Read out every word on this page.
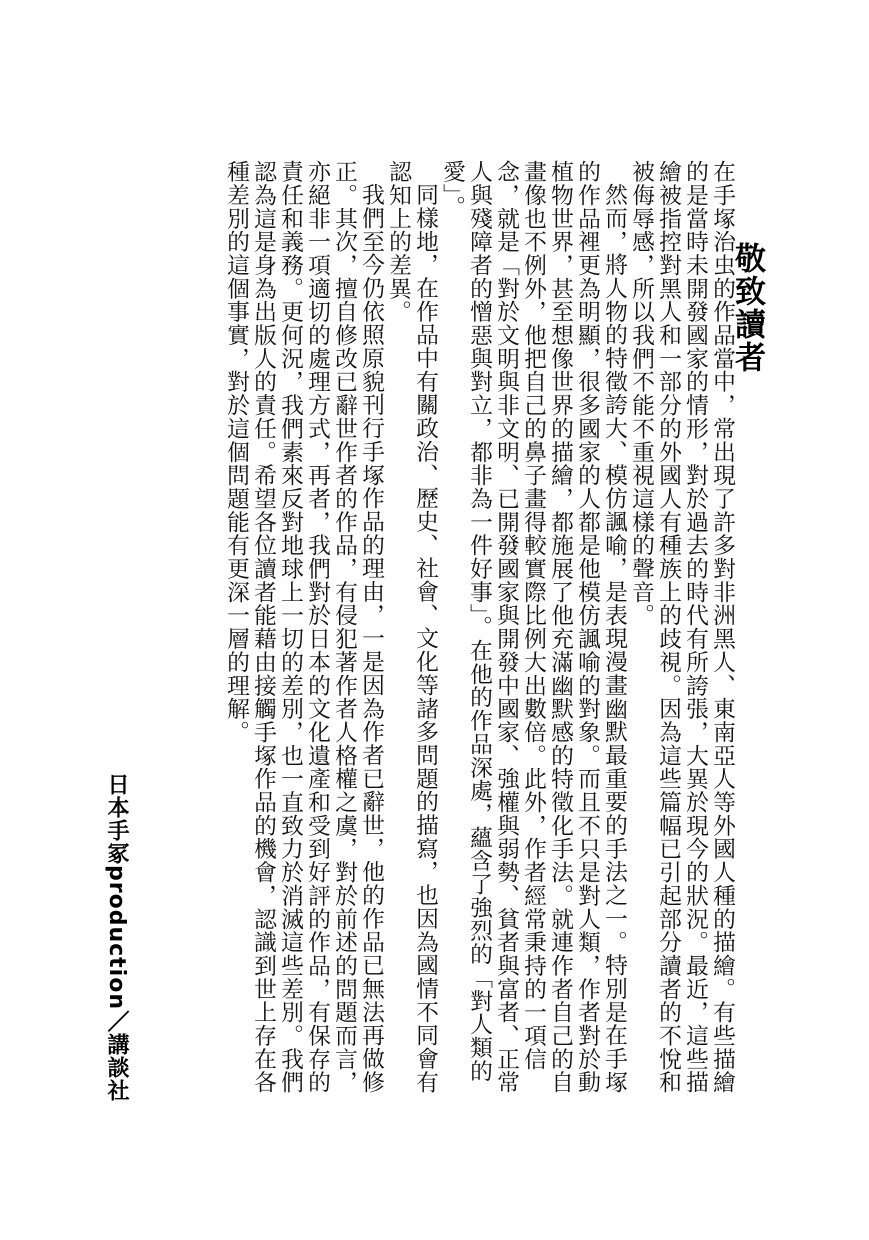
敬致讀者

在手塚治虫的作品當中，常出現了許多對非洲黑人、東南亞人等外國人種的描繪。有些描繪的是當時未開發國家的情形，對於過去的時代有所誇張，大異於現今的狀況。最近，這些描繪被指控對黑人和一部分的外國人有種族上的歧視。因為這些篇幅已引起部分讀者的不悅和被侮辱感，所以我們不能不重視這樣的聲音。

然而，將人物的特徵誇大、模仿諷喻，是表現漫畫幽默最重要的手法之一。特別是在手塚的作品裡更為明顯，很多國家的人都是他模仿諷喻的對象。而且不只是對人類，作者對於動植物世界，甚至想像世界的描繪，都施展了他充滿幽默感的特徵化手法。就連作者自己的自畫像也不例外，他把自己的鼻子畫得較實際比例大出數倍。此外，作者經常秉持的一項信念，就是「對於文明與非文明、已開發國家與開發中國家、強權與弱勢、貧者與富者、正常人與殘障者的憎惡與對立，都非為一件好事」。在他的作品深處，蘊含了強烈的「對人類的愛」。

同樣地，在作品中有關政治、歷史、社會、文化等諸多問題的描寫，也因為國情不同會有認知上的差異。

我們至今仍依照原貌刊行手塚作品的理由，一是因為作者已辭世，他的作品已無法再做修正。其次，擅自修改已辭世作者的作品，有侵犯著作者人格權之虞，對於前述的問題而言，亦絕非一項適切的處理方式，再者，我們對於日本的文化遺產和受到好評的作品，有保存的責任和義務。更何況，我們素來反對地球上一切的差別，也一直致力於消滅這些差別。我們認為這是身為出版人的責任。希望各位讀者能藉由接觸手塚作品的機會，認識到世上存在各種差別的這個事實，對於這個問題能有更深一層的理解。

日本手冢production／講談社
